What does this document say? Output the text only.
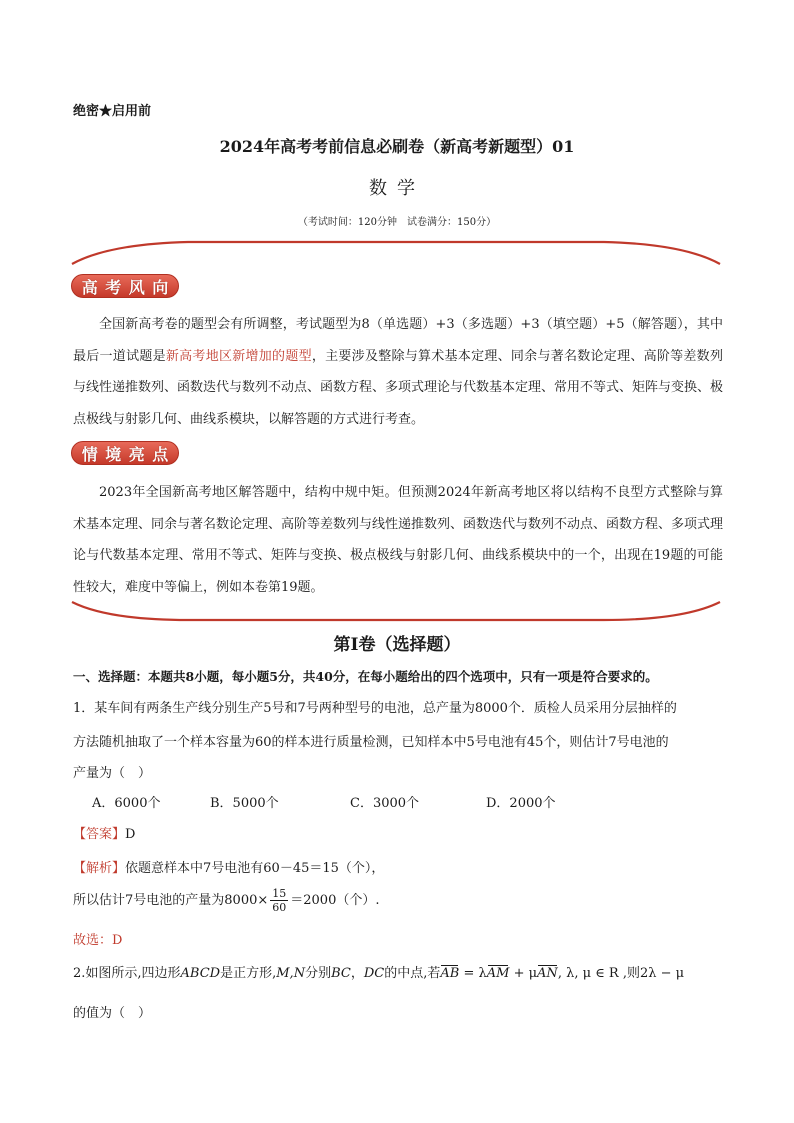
绝密★启用前
2024年高考考前信息必刷卷（新高考新题型）01
数学
（考试时间：120分钟　试卷满分：150分）
高 考 风 向
全国新高考卷的题型会有所调整，考试题型为8（单选题）+3（多选题）+3（填空题）+5（解答题），其中最后一道试题是新高考地区新增加的题型，主要涉及整除与算术基本定理、同余与著名数论定理、高阶等差数列与线性递推数列、函数迭代与数列不动点、函数方程、多项式理论与代数基本定理、常用不等式、矩阵与变换、极点极线与射影几何、曲线系模块，以解答题的方式进行考查。
情 境 亮 点
2023年全国新高考地区解答题中，结构中规中矩。但预测2024年新高考地区将以结构不良型方式整除与算术基本定理、同余与著名数论定理、高阶等差数列与线性递推数列、函数迭代与数列不动点、函数方程、多项式理论与代数基本定理、常用不等式、矩阵与变换、极点极线与射影几何、曲线系模块中的一个，出现在19题的可能性较大，难度中等偏上，例如本卷第19题。
第Ⅰ卷（选择题）
一、选择题：本题共8小题，每小题5分，共40分，在每小题给出的四个选项中，只有一项是符合要求的。
1．某车间有两条生产线分别生产5号和7号两种型号的电池，总产量为8000个．质检人员采用分层抽样的
方法随机抽取了一个样本容量为60的样本进行质量检测，已知样本中5号电池有45个，则估计7号电池的
产量为（　）
A．6000个	B．5000个	C．3000个	D．2000个
【答案】D
【解析】依题意样本中7号电池有60－45＝15（个），
所以估计7号电池的产量为$8000\times \frac{15}{60} =2000$（个）.
故选：D
2.如图所示,四边形ABCD是正方形,M,N分别BC，DC的中点,若AB = λAM + μAN, λ, μ ∈ R ,则2λ − μ
的值为（　）
